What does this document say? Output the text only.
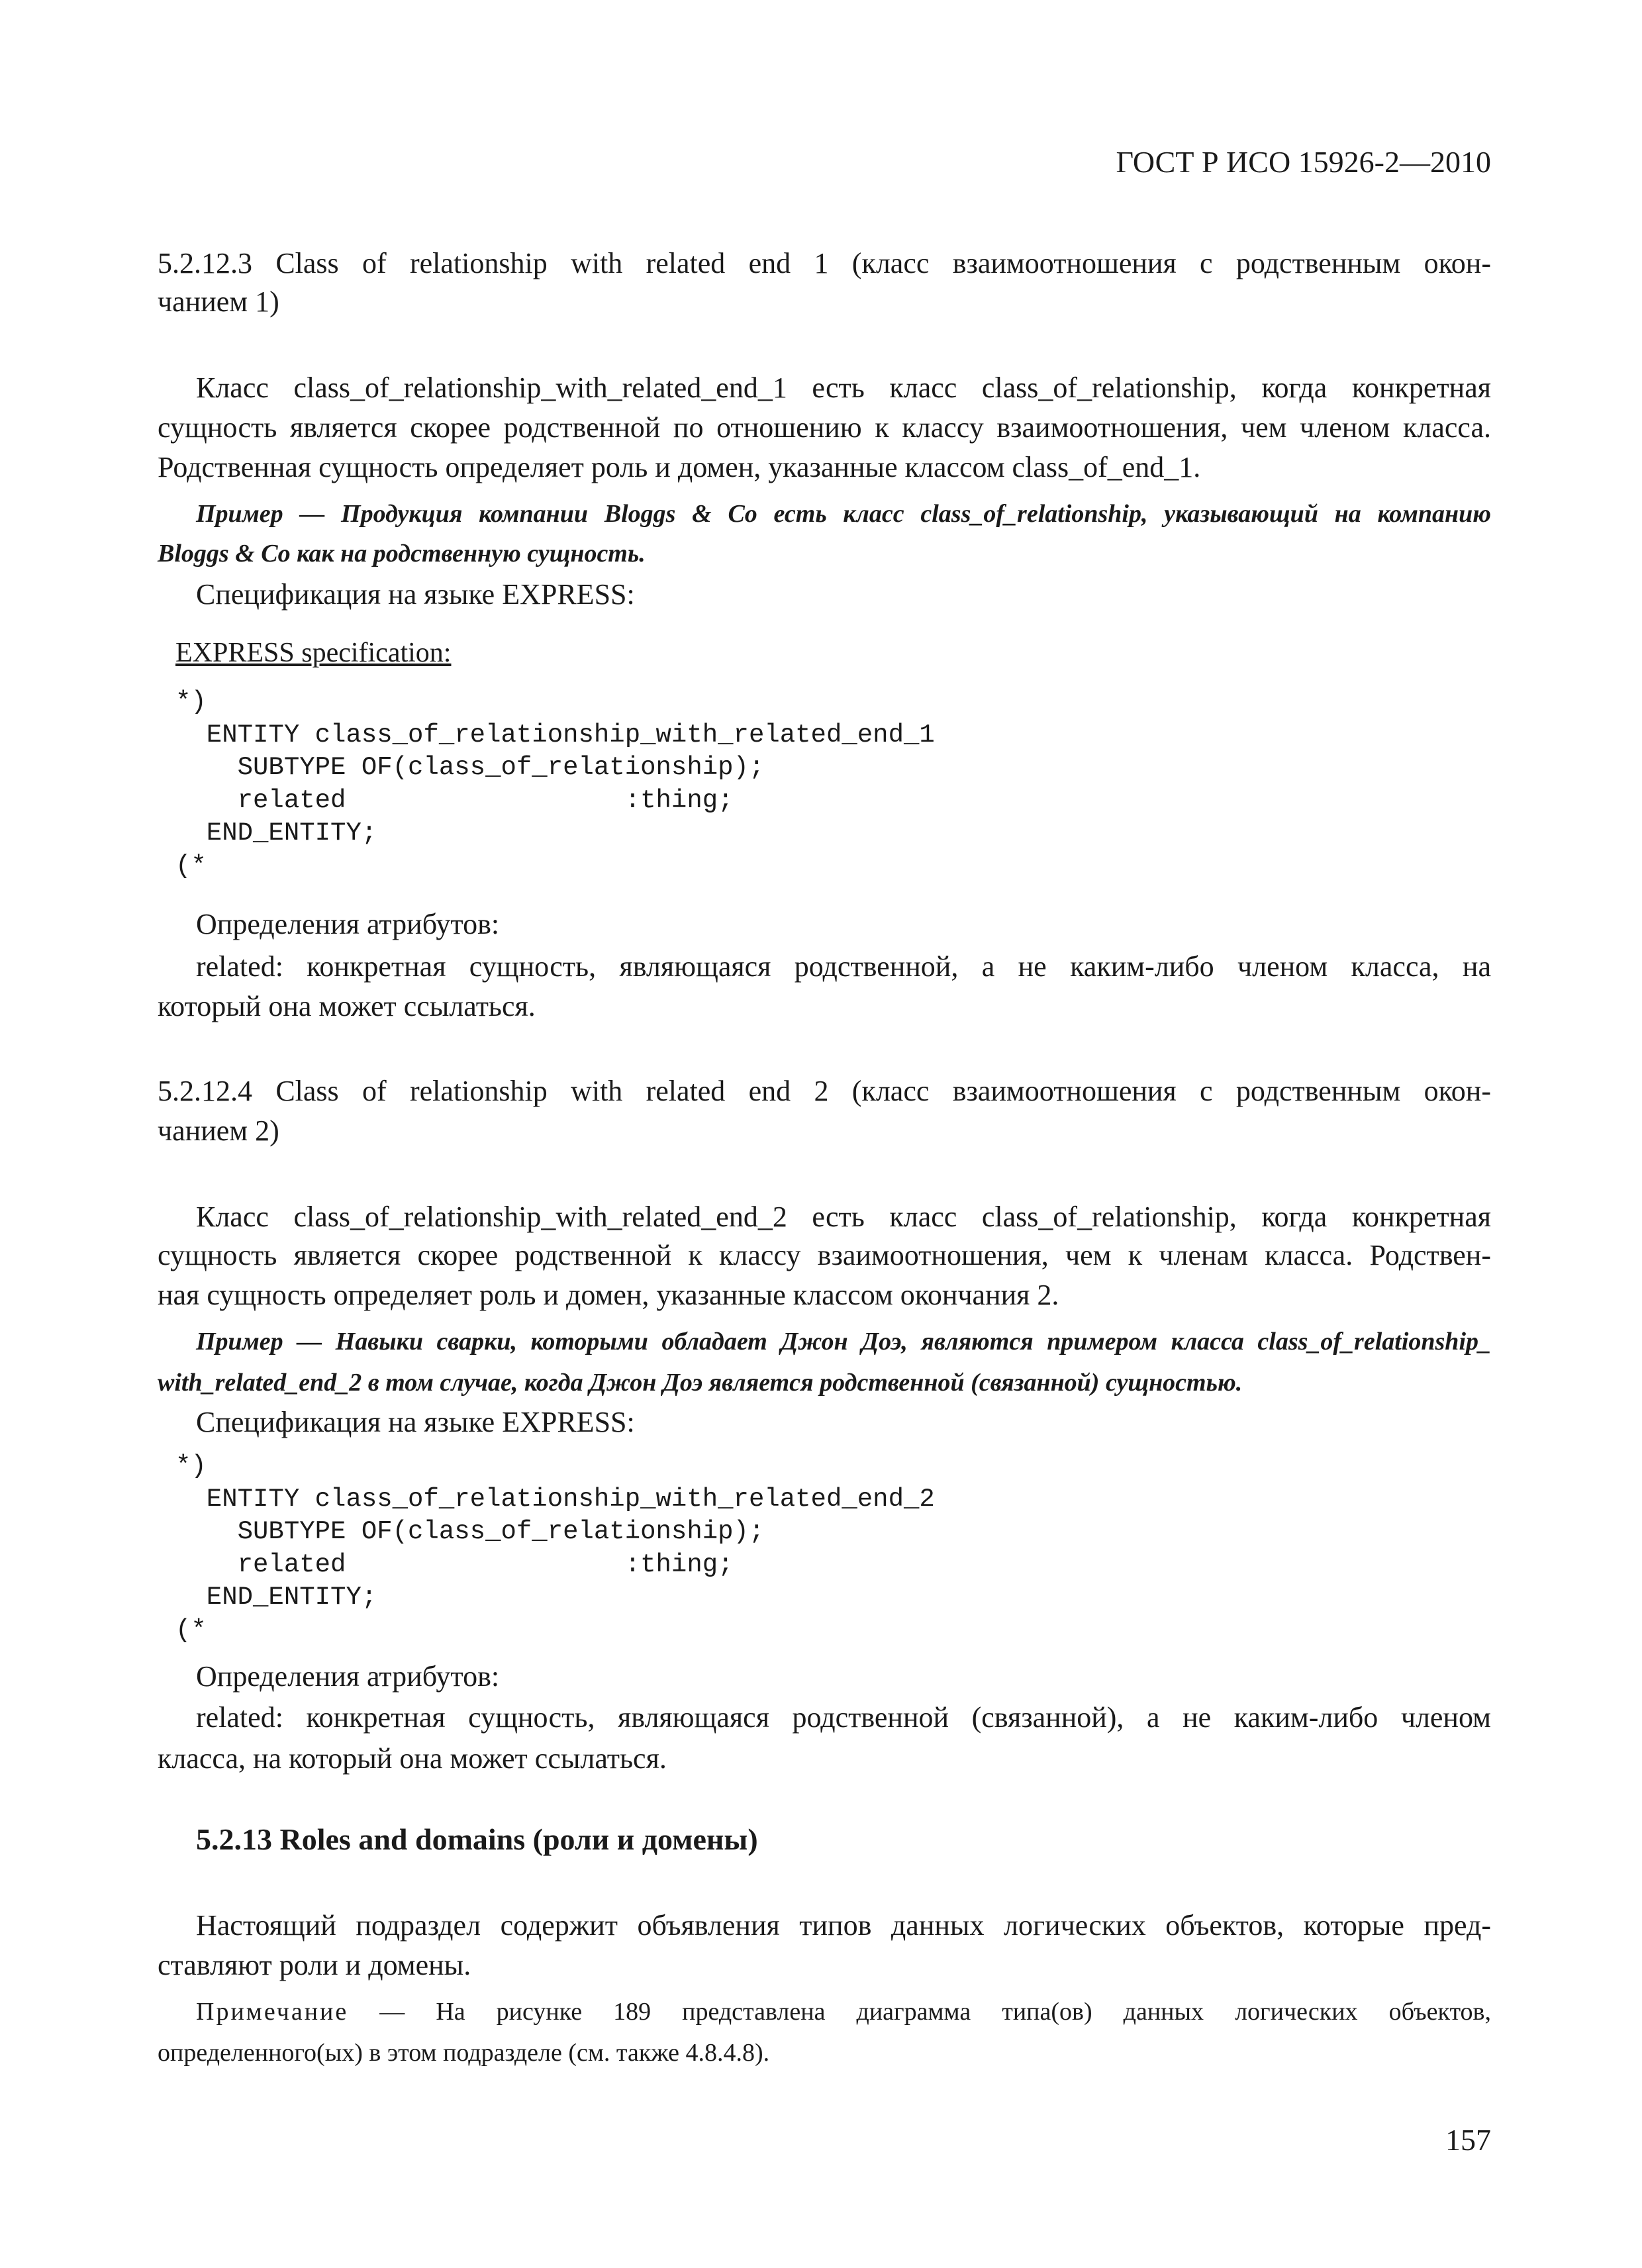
ГОСТ Р ИСО 15926-2—2010

5.2.12.3 Class of relationship with related end 1 (класс взаимоотношения с родственным окон-

чанием 1)

Класс class_of_relationship_with_related_end_1 есть класс class_of_relationship, когда конкретная

сущность является скорее родственной по отношению к классу взаимоотношения, чем членом класса.

Родственная сущность определяет роль и домен, указанные классом class_of_end_1.

Пример — Продукция компании Bloggs & Co есть класс class_of_relationship, указывающий на компанию

Bloggs & Co как на родственную сущность.

Спецификация на языке EXPRESS:

EXPRESS specification:

*)
ENTITY class_of_relationship_with_related_end_1
SUBTYPE OF(class_of_relationship);
related                  :thing;
END_ENTITY;
(*

Определения атрибутов:

related: конкретная сущность, являющаяся родственной, а не каким-либо членом класса, на

который она может ссылаться.

5.2.12.4 Class of relationship with related end 2 (класс взаимоотношения с родственным окон-

чанием 2)

Класс class_of_relationship_with_related_end_2 есть класс class_of_relationship, когда конкретная

сущность является скорее родственной к классу взаимоотношения, чем к членам класса. Родствен-

ная сущность определяет роль и домен, указанные классом окончания 2.

Пример — Навыки сварки, которыми обладает Джон Доэ, являются примером класса class_of_relationship_

with_related_end_2 в том случае, когда Джон Доэ является родственной (связанной) сущностью.

Спецификация на языке EXPRESS:

*)
ENTITY class_of_relationship_with_related_end_2
SUBTYPE OF(class_of_relationship);
related                  :thing;
END_ENTITY;
(*

Определения атрибутов:

related: конкретная сущность, являющаяся родственной (связанной), а не каким-либо членом

класса, на который она может ссылаться.

5.2.13 Roles and domains (роли и домены)

Настоящий подраздел содержит объявления типов данных логических объектов, которые пред-

ставляют роли и домены.

Примечание — На рисунке 189 представлена диаграмма типа(ов) данных логических объектов,

определенного(ых) в этом подразделе (см. также 4.8.4.8).

157
